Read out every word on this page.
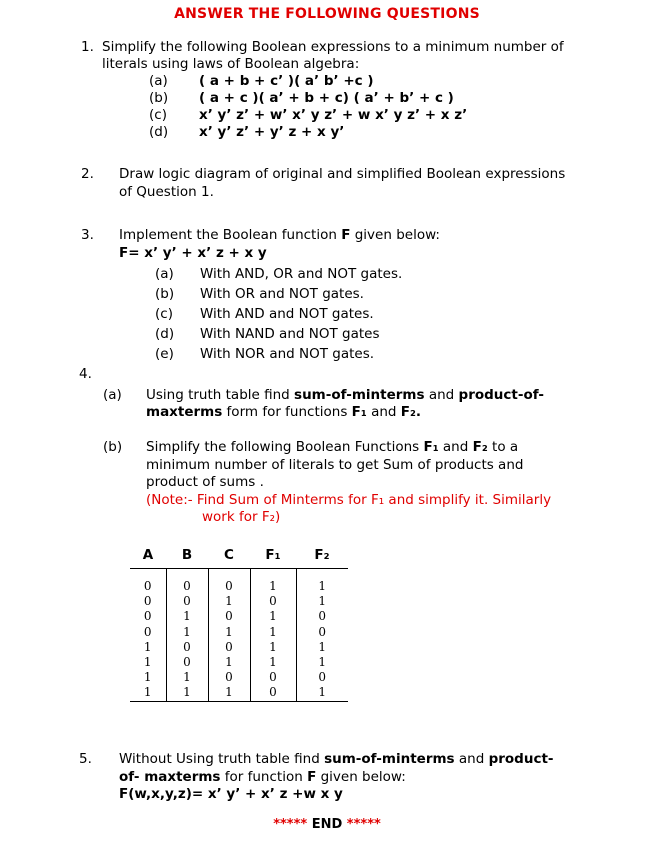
ANSWER THE FOLLOWING QUESTIONS
1. Simplify the following Boolean expressions to a minimum number of
literals using laws of Boolean algebra:
(a) ( a + b + c’ )( a’ b’ +c )
(b) ( a + c )( a’ + b + c) ( a’ + b’ + c )
(c) x’ y’ z’ + w’ x’ y z’ + w x’ y z’ + x z’
(d) x’ y’ z’ + y’ z + x y’
2. Draw logic diagram of original and simplified Boolean expressions
of Question 1.
3. Implement the Boolean function F given below:
F= x’ y’ + x’ z + x y
(a) With AND, OR and NOT gates.
(b) With OR and NOT gates.
(c) With AND and NOT gates.
(d) With NAND and NOT gates
(e) With NOR and NOT gates.
4.
(a) Using truth table find sum-of-minterms and product-of-
maxterms form for functions F₁ and F₂.
(b) Simplify the following Boolean Functions F₁ and F₂ to a
minimum number of literals to get Sum of products and
product of sums .
(Note:- Find Sum of Minterms for F₁ and simplify it. Similarly
work for F₂)
A	B	C	F₁	F₂
0	0	0	1	1
0	0	1	0	1
0	1	0	1	0
0	1	1	1	0
1	0	0	1	1
1	0	1	1	1
1	1	0	0	0
1	1	1	0	1
5. Without Using truth table find sum-of-minterms and product-
of- maxterms for function F given below:
F(w,x,y,z)= x’ y’ + x’ z +w x y
***** END *****
